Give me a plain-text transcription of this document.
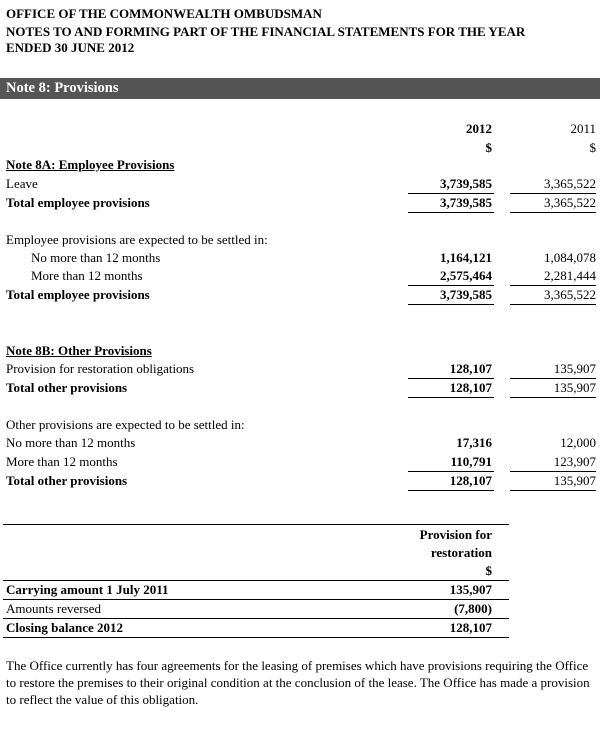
OFFICE OF THE COMMONWEALTH OMBUDSMAN
NOTES TO AND FORMING PART OF THE FINANCIAL STATEMENTS FOR THE YEAR
ENDED 30 JUNE 2012
Note 8: Provisions
2012	2011
$	$
Note 8A: Employee Provisions
Leave	3,739,585	3,365,522
Total employee provisions	3,739,585	3,365,522
Employee provisions are expected to be settled in:
No more than 12 months	1,164,121	1,084,078
More than 12 months	2,575,464	2,281,444
Total employee provisions	3,739,585	3,365,522
Note 8B: Other Provisions
Provision for restoration obligations	128,107	135,907
Total other provisions	128,107	135,907
Other provisions are expected to be settled in:
No more than 12 months	17,316	12,000
More than 12 months	110,791	123,907
Total other provisions	128,107	135,907
Provision for
restoration
$
Carrying amount 1 July 2011	135,907
Amounts reversed	(7,800)
Closing balance 2012	128,107
The Office currently has four agreements for the leasing of premises which have provisions requiring the Office to restore the premises to their original condition at the conclusion of the lease. The Office has made a provision to reflect the value of this obligation.
